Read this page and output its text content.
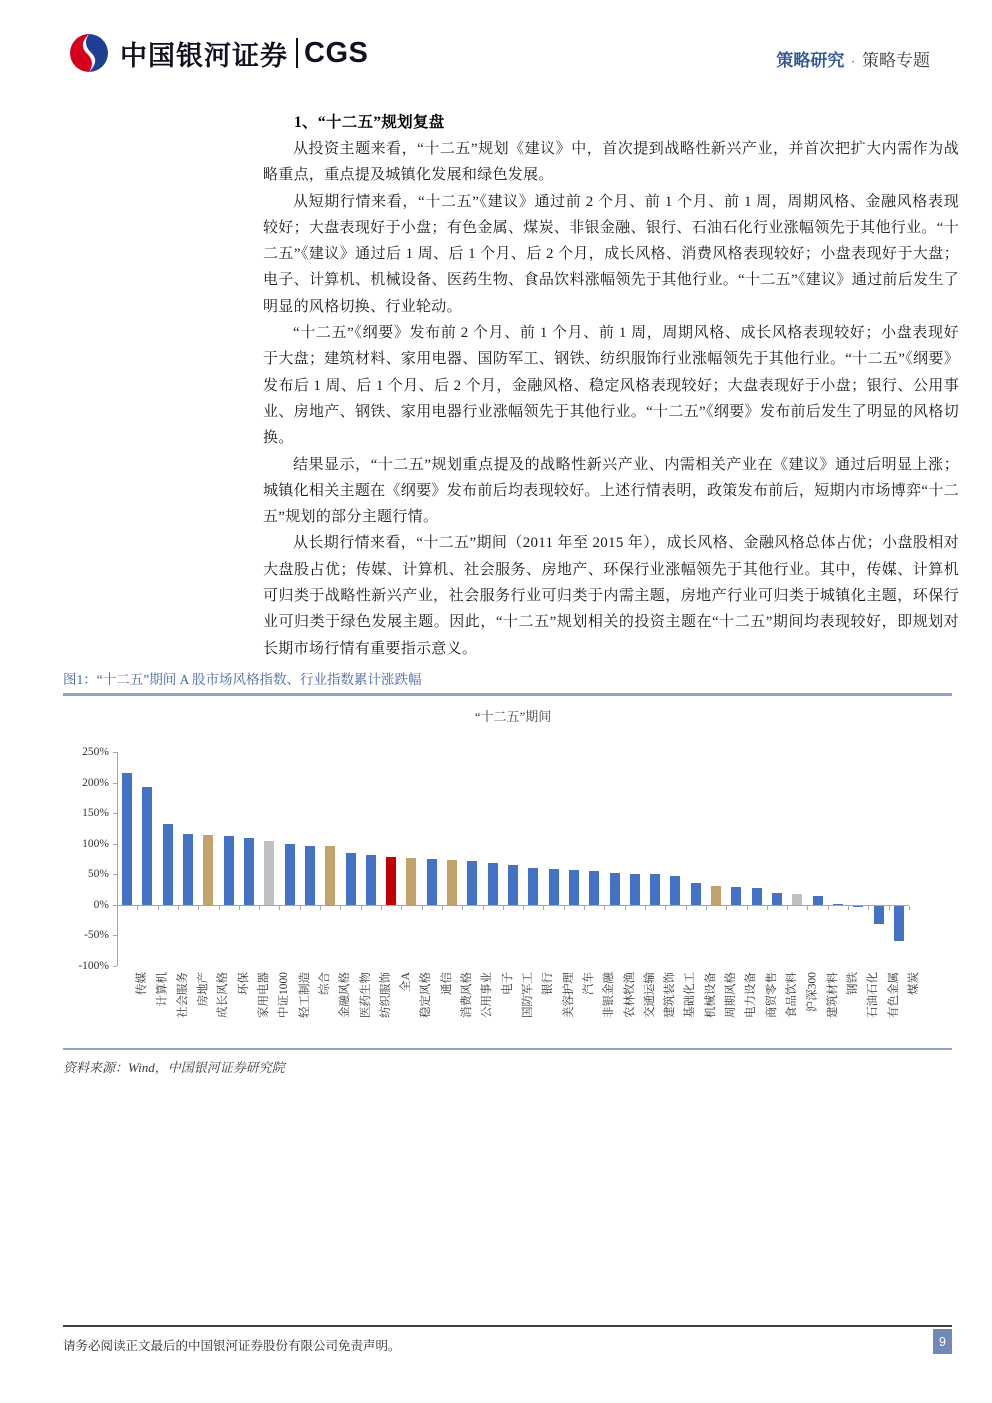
中国银河证券 CGS	策略研究 · 策略专题
1、“十二五”规划复盘

从投资主题来看，“十二五”规划《建议》中，首次提到战略性新兴产业，并首次把扩大内需作为战略重点，重点提及城镇化发展和绿色发展。

从短期行情来看，“十二五”《建议》通过前 2 个月、前 1 个月、前 1 周，周期风格、金融风格表现较好；大盘表现好于小盘；有色金属、煤炭、非银金融、银行、石油石化行业涨幅领先于其他行业。“十二五”《建议》通过后 1 周、后 1 个月、后 2 个月，成长风格、消费风格表现较好；小盘表现好于大盘；电子、计算机、机械设备、医药生物、食品饮料涨幅领先于其他行业。“十二五”《建议》通过前后发生了明显的风格切换、行业轮动。

“十二五”《纲要》发布前 2 个月、前 1 个月、前 1 周，周期风格、成长风格表现较好；小盘表现好于大盘；建筑材料、家用电器、国防军工、钢铁、纺织服饰行业涨幅领先于其他行业。“十二五”《纲要》发布后 1 周、后 1 个月、后 2 个月，金融风格、稳定风格表现较好；大盘表现好于小盘；银行、公用事业、房地产、钢铁、家用电器行业涨幅领先于其他行业。“十二五”《纲要》发布前后发生了明显的风格切换。

结果显示，“十二五”规划重点提及的战略性新兴产业、内需相关产业在《建议》通过后明显上涨；城镇化相关主题在《纲要》发布前后均表现较好。上述行情表明，政策发布前后，短期内市场博弈“十二五”规划的部分主题行情。

从长期行情来看，“十二五”期间（2011 年至 2015 年），成长风格、金融风格总体占优；小盘股相对大盘股占优；传媒、计算机、社会服务、房地产、环保行业涨幅领先于其他行业。其中，传媒、计算机可归类于战略性新兴产业，社会服务行业可归类于内需主题，房地产行业可归类于城镇化主题，环保行业可归类于绿色发展主题。因此，“十二五”规划相关的投资主题在“十二五”期间均表现较好，即规划对长期市场行情有重要指示意义。

图1：“十二五”期间 A 股市场风格指数、行业指数累计涨跌幅
“十二五”期间
250%
200%
150%
100%
50%
0%
-50%
-100%
传媒 计算机 社会服务 房地产 成长风格 环保 家用电器 中证1000 轻工制造 综合 金融风格 医药生物 纺织服饰 全A 稳定风格 通信 消费风格 公用事业 电子 国防军工 银行 美容护理 汽车 非银金融 农林牧渔 交通运输 建筑装饰 基础化工 机械设备 周期风格 电力设备 商贸零售 食品饮料 沪深300 建筑材料 钢铁 石油石化 有色金属 煤炭
资料来源：Wind，中国银河证券研究院
请务必阅读正文最后的中国银河证券股份有限公司免责声明。	9
